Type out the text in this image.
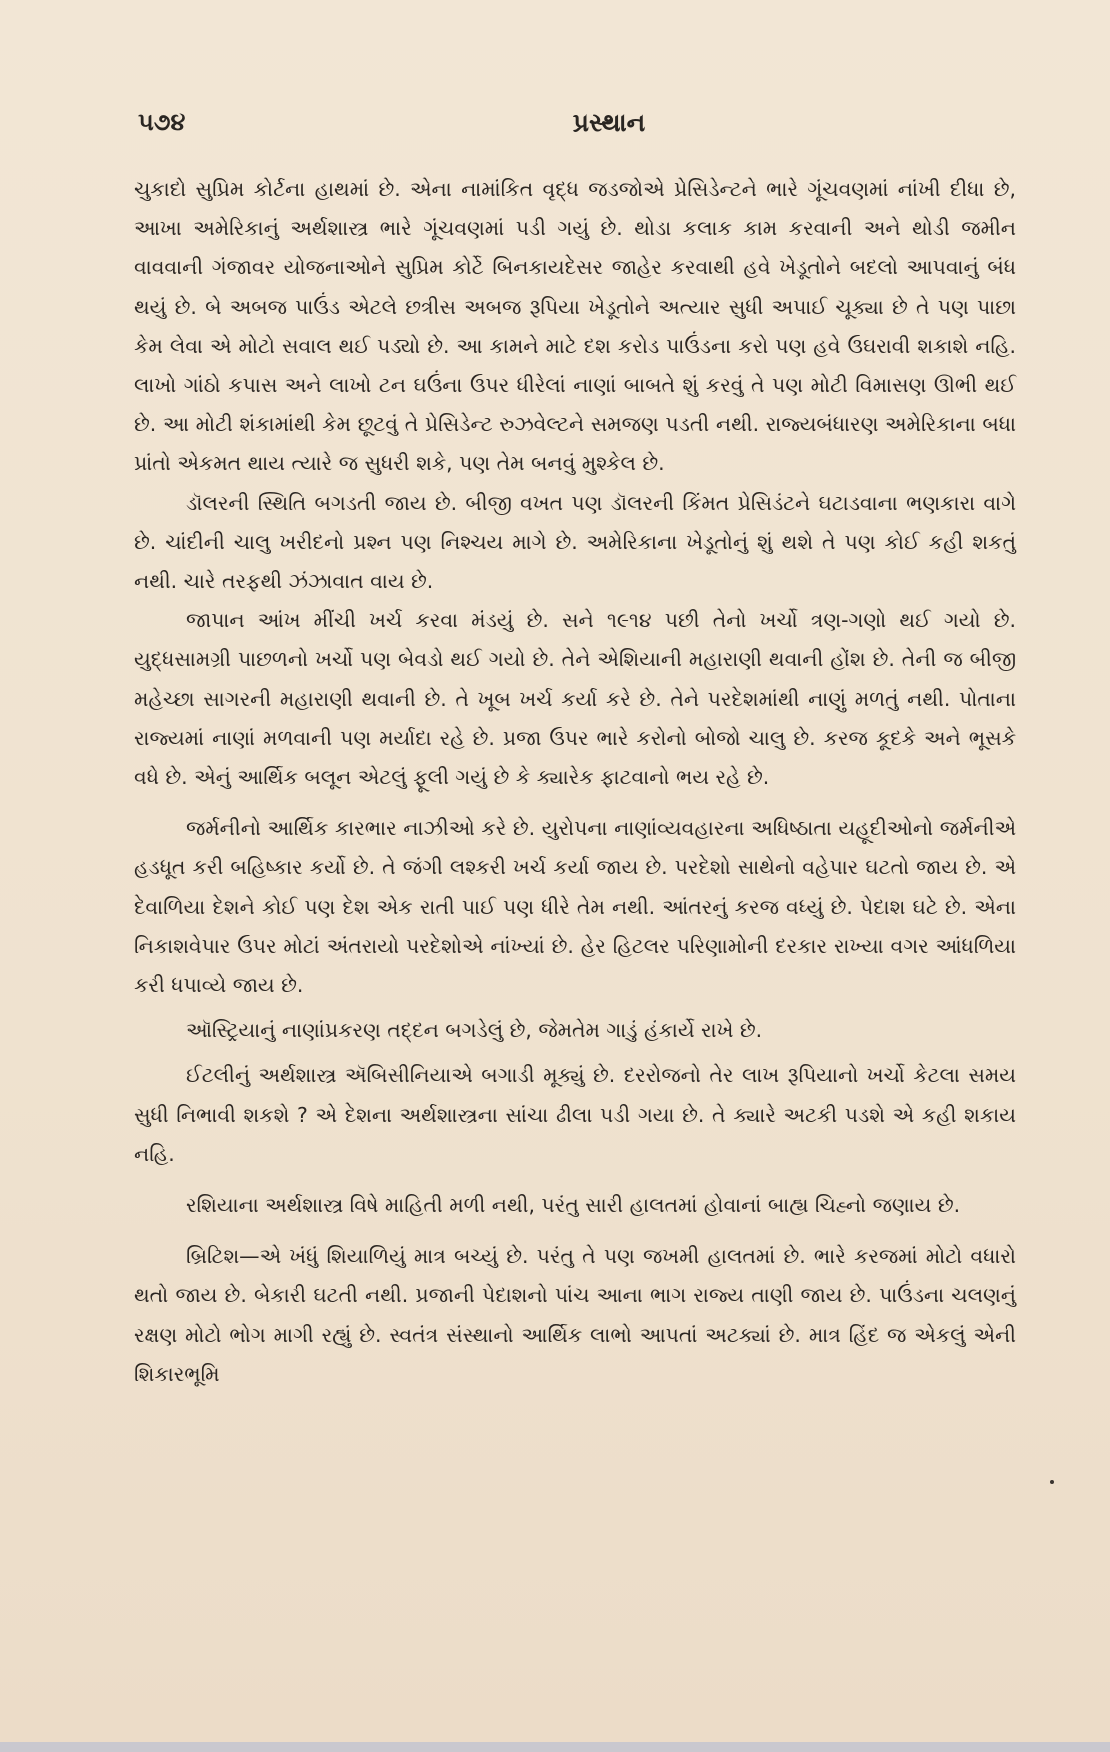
૫૭૪	પ્રસ્થાન

ચુકાદો સુપ્રિમ કોર્ટના હાથમાં છે. એના નામાંકિત વૃદ્ધ જડજોએ પ્રેસિડેન્ટને ભારે ગૂંચવણમાં નાંખી દીધા છે, આખા અમેરિકાનું અર્થશાસ્ત્ર ભારે ગૂંચવણમાં પડી ગયું છે. થોડા કલાક કામ કરવાની અને થોડી જમીન વાવવાની ગંજાવર યોજનાઓને સુપ્રિમ કોર્ટે બિનકાયદેસર જાહેર કરવાથી હવે ખેડૂતોને બદલો આપવાનું બંધ થયું છે. બે અબજ પાઉંડ એટલે છત્રીસ અબજ રૂપિયા ખેડૂતોને અત્યાર સુધી અપાઈ ચૂક્યા છે તે પણ પાછા કેમ લેવા એ મોટો સવાલ થઈ પડ્યો છે. આ કામને માટે દશ કરોડ પાઉંડના કરો પણ હવે ઉઘરાવી શકાશે નહિ. લાખો ગાંઠો કપાસ અને લાખો ટન ઘઉંના ઉપર ધીરેલાં નાણાં બાબતે શું કરવું તે પણ મોટી વિમાસણ ઊભી થઈ છે. આ મોટી શંકામાંથી કેમ છૂટવું તે પ્રેસિડેન્ટ રુઝવેલ્ટને સમજણ પડતી નથી. રાજ્યબંધારણ અમેરિકાના બધા પ્રાંતો એકમત થાય ત્યારે જ સુધરી શકે, પણ તેમ બનવું મુશ્કેલ છે.

ડૉલરની સ્થિતિ બગડતી જાય છે. બીજી વખત પણ ડૉલરની કિંમત પ્રેસિડંટને ઘટાડવાના ભણકારા વાગે છે. ચાંદીની ચાલુ ખરીદનો પ્રશ્ન પણ નિશ્ચય માગે છે. અમેરિકાના ખેડૂતોનું શું થશે તે પણ કોઈ કહી શકતું નથી. ચારે તરફથી ઝંઝાવાત વાય છે.

જાપાન આંખ મીંચી ખર્ચ કરવા મંડયું છે. સને ૧૯૧૪ પછી તેનો ખર્ચો ત્રણ-ગણો થઈ ગયો છે. યુદ્ધસામગ્રી પાછળનો ખર્ચો પણ બેવડો થઈ ગયો છે. તેને એશિયાની મહારાણી થવાની હોંશ છે. તેની જ બીજી મહેચ્છા સાગરની મહારાણી થવાની છે. તે ખૂબ ખર્ચ કર્યા કરે છે. તેને પરદેશમાંથી નાણું મળતું નથી. પોતાના રાજ્યમાં નાણાં મળવાની પણ મર્યાદા રહે છે. પ્રજા ઉપર ભારે કરોનો બોજો ચાલુ છે. કરજ કૂદકે અને ભૂસકે વધે છે. એનું આર્થિક બલૂન એટલું ફૂલી ગયું છે કે ક્યારેક ફાટવાનો ભય રહે છે.

જર્મનીનો આર્થિક કારભાર નાઝીઓ કરે છે. યુરોપના નાણાંવ્યવહારના અધિષ્ઠાતા યહૂદીઓનો જર્મનીએ હડધૂત કરી બહિષ્કાર કર્યો છે. તે જંગી લશ્કરી ખર્ચ કર્યા જાય છે. પરદેશો સાથેનો વહેપાર ઘટતો જાય છે. એ દેવાળિયા દેશને કોઈ પણ દેશ એક રાતી પાઈ પણ ધીરે તેમ નથી. આંતરનું કરજ વધ્યું છે. પેદાશ ઘટે છે. એના નિકાશવેપાર ઉપર મોટાં અંતરાયો પરદેશોએ નાંખ્યાં છે. હેર હિટલર પરિણામોની દરકાર રાખ્યા વગર આંધળિયા કરી ધપાવ્યે જાય છે.

ઑસ્ટ્રિયાનું નાણાંપ્રકરણ તદ્દન બગડેલું છે, જેમતેમ ગાડું હંકાર્યે રાખે છે.

ઈટલીનું અર્થશાસ્ત્ર ઍબિસીનિયાએ બગાડી મૂક્યું છે. દરરોજનો તેર લાખ રૂપિયાનો ખર્ચો કેટલા સમય સુધી નિભાવી શકશે ? એ દેશના અર્થશાસ્ત્રના સાંચા ઢીલા પડી ગયા છે. તે ક્યારે અટકી પડશે એ કહી શકાય નહિ.

રશિયાના અર્થશાસ્ત્ર વિષે માહિતી મળી નથી, પરંતુ સારી હાલતમાં હોવાનાં બાહ્ય ચિહ્નો જણાય છે.

બ્રિટિશ—એ ખંધું શિયાળિયું માત્ર બચ્યું છે. પરંતુ તે પણ જખમી હાલતમાં છે. ભારે કરજમાં મોટો વધારો થતો જાય છે. બેકારી ઘટતી નથી. પ્રજાની પેદાશનો પાંચ આના ભાગ રાજ્ય તાણી જાય છે. પાઉંડના ચલણનું રક્ષણ મોટો ભોગ માગી રહ્યું છે. સ્વતંત્ર સંસ્થાનો આર્થિક લાભો આપતાં અટક્યાં છે. માત્ર હિંદ જ એકલું એની શિકારભૂમિ
